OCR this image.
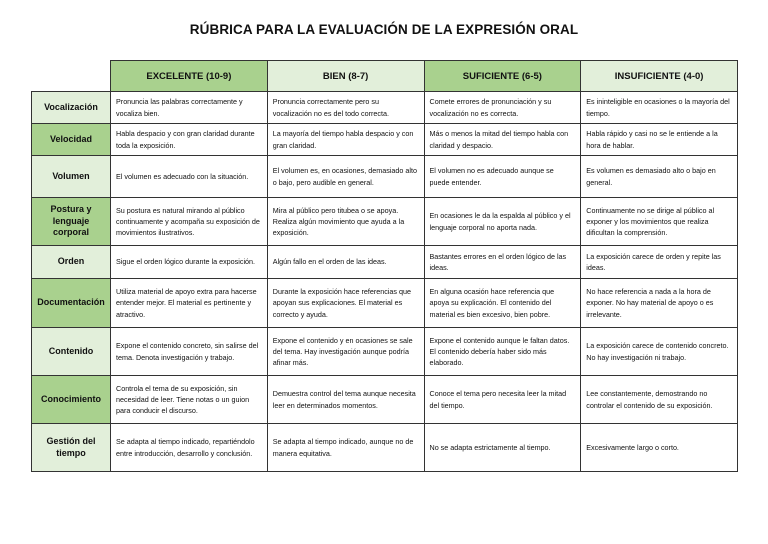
RÚBRICA PARA LA EVALUACIÓN DE LA EXPRESIÓN ORAL
	EXCELENTE (10-9)	BIEN (8-7)	SUFICIENTE (6-5)	INSUFICIENTE (4-0)
Vocalización	Pronuncia las palabras correctamente y vocaliza bien.	Pronuncia correctamente pero su vocalización no es del todo correcta.	Comete errores de pronunciación y su vocalización no es correcta.	Es ininteligible en ocasiones o la mayoría del tiempo.
Velocidad	Habla despacio y con gran claridad durante toda la exposición.	La mayoría del tiempo habla despacio y con gran claridad.	Más o menos la mitad del tiempo habla con claridad y despacio.	Habla rápido y casi no se le entiende a la hora de hablar.
Volumen	El volumen es adecuado con la situación.	El volumen es, en ocasiones, demasiado alto o bajo, pero audible en general.	El volumen no es adecuado aunque se puede entender.	Es volumen es demasiado alto o bajo en general.
Postura y lenguaje corporal	Su postura es natural mirando al público continuamente y acompaña su exposición de movimientos ilustrativos.	Mira al público pero titubea o se apoya. Realiza algún movimiento que ayuda a la exposición.	En ocasiones le da la espalda al público y el lenguaje corporal no aporta nada.	Continuamente no se dirige al público al exponer y los movimientos que realiza dificultan la comprensión.
Orden	Sigue el orden lógico durante la exposición.	Algún fallo en el orden de las ideas.	Bastantes errores en el orden lógico de las ideas.	La exposición carece de orden y repite las ideas.
Documentación	Utiliza material de apoyo extra para hacerse entender mejor. El material es pertinente y atractivo.	Durante la exposición hace referencias que apoyan sus explicaciones. El material es correcto y ayuda.	En alguna ocasión hace referencia que apoya su explicación. El contenido del material es bien excesivo, bien pobre.	No hace referencia a nada a la hora de exponer. No hay material de apoyo o es irrelevante.
Contenido	Expone el contenido concreto, sin salirse del tema. Denota investigación y trabajo.	Expone el contenido y en ocasiones se sale del tema. Hay investigación aunque podría afinar más.	Expone el contenido aunque le faltan datos. El contenido debería haber sido más elaborado.	La exposición carece de contenido concreto. No hay investigación ni trabajo.
Conocimiento	Controla el tema de su exposición, sin necesidad de leer. Tiene notas o un guion para conducir el discurso.	Demuestra control del tema aunque necesita leer en determinados momentos.	Conoce el tema pero necesita leer la mitad del tiempo.	Lee constantemente, demostrando no controlar el contenido de su exposición.
Gestión del tiempo	Se adapta al tiempo indicado, repartiéndolo entre introducción, desarrollo y conclusión.	Se adapta al tiempo indicado, aunque no de manera equitativa.	No se adapta estrictamente al tiempo.	Excesivamente largo o corto.
